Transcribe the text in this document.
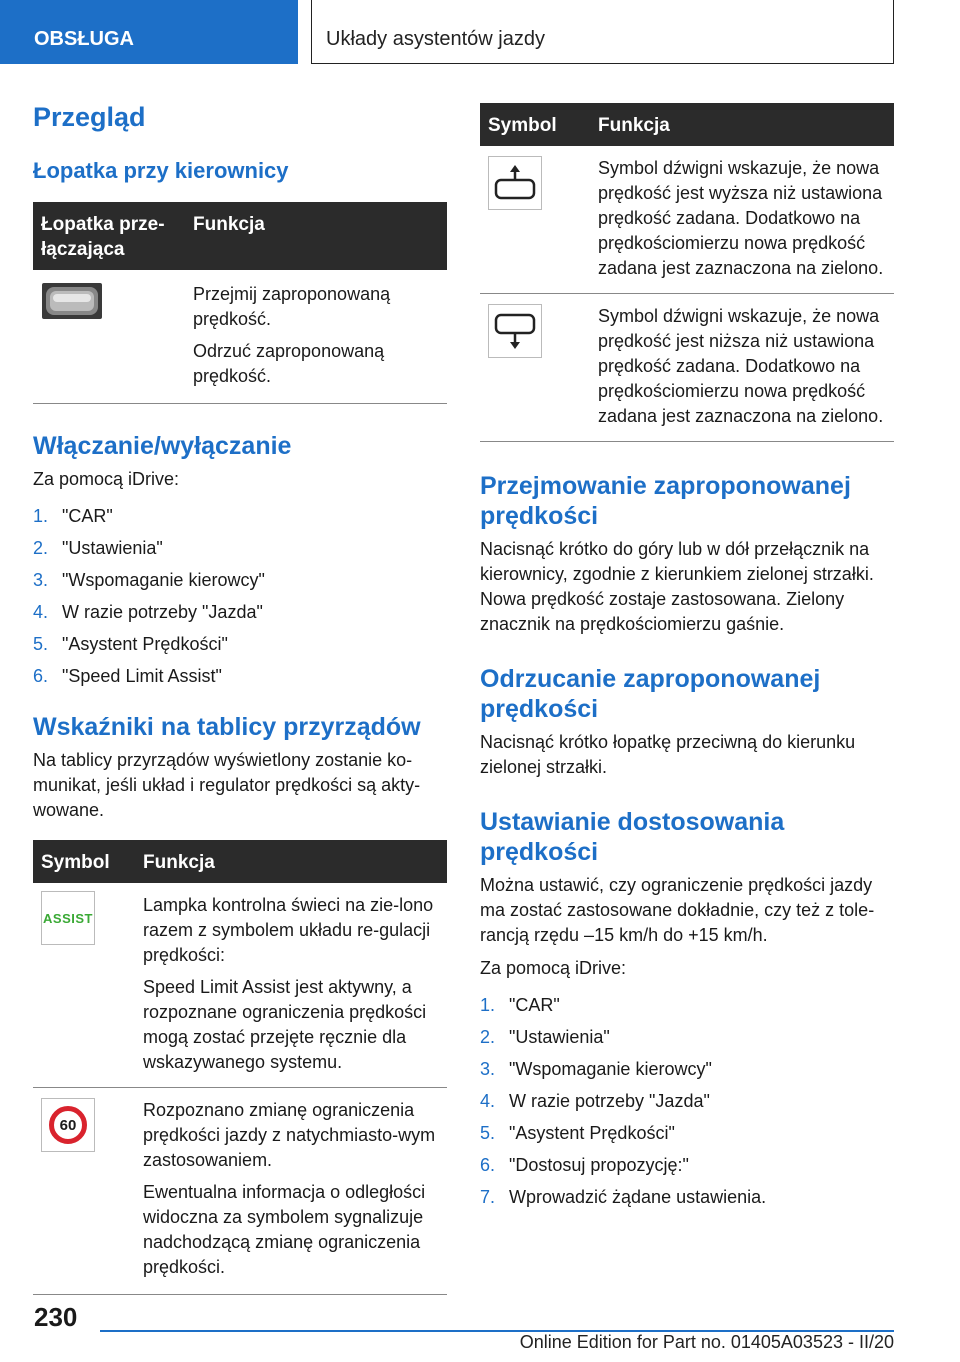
OBSŁUGA	Układy asystentów jazdy
Przegląd
Łopatka przy kierownicy
Łopatka prze-
łączająca	Funkcja

Przejmij zaproponowaną prędkość.

Odrzuć zaproponowaną prędkość.

Włączanie/wyłączanie

Za pomocą iDrive:

1. "CAR"
2. "Ustawienia"
3. "Wspomaganie kierowcy"
4. W razie potrzeby "Jazda"
5. "Asystent Prędkości"
6. "Speed Limit Assist"
Wskaźniki na tablicy przyrządów

Na tablicy przyrządów wyświetlony zostanie ko-munikat, jeśli układ i regulator prędkości są akty-wowane.

Symbol	Funkcja

ASSIST	Lampka kontrolna świeci na zie-lono razem z symbolem układu re-gulacji prędkości:

Speed Limit Assist jest aktywny, a rozpoznane ograniczenia prędkości mogą zostać przejęte ręcznie dla wskazywanego systemu.

60	Rozpoznano zmianę ograniczenia prędkości jazdy z natychmiasto-wym zastosowaniem.

Ewentualna informacja o odległości widoczna za symbolem sygnalizuje nadchodzącą zmianę ograniczenia prędkości.

Symbol	Funkcja

Symbol dźwigni wskazuje, że nowa prędkość jest wyższa niż ustawiona prędkość zadana. Dodatkowo na prędkościomierzu nowa prędkość zadana jest zaznaczona na zielono.

Symbol dźwigni wskazuje, że nowa prędkość jest niższa niż ustawiona prędkość zadana. Dodatkowo na prędkościomierzu nowa prędkość zadana jest zaznaczona na zielono.

Przejmowanie zaproponowanej prędkości

Nacisnąć krótko do góry lub w dół przełącznik na kierownicy, zgodnie z kierunkiem zielonej strzałki. Nowa prędkość zostaje zastosowana. Zielony znacznik na prędkościomierzu gaśnie.

Odrzucanie zaproponowanej prędkości

Nacisnąć krótko łopatkę przeciwną do kierunku zielonej strzałki.

Ustawianie dostosowania prędkości

Można ustawić, czy ograniczenie prędkości jazdy ma zostać zastosowane dokładnie, czy też z tole-rancją rzędu –15 km/h do +15 km/h.

Za pomocą iDrive:

1. "CAR"
2. "Ustawienia"
3. "Wspomaganie kierowcy"
4. W razie potrzeby "Jazda"
5. "Asystent Prędkości"
6. "Dostosuj propozycję:"
7. Wprowadzić żądane ustawienia.
230
Online Edition for Part no. 01405A03523 - II/20
